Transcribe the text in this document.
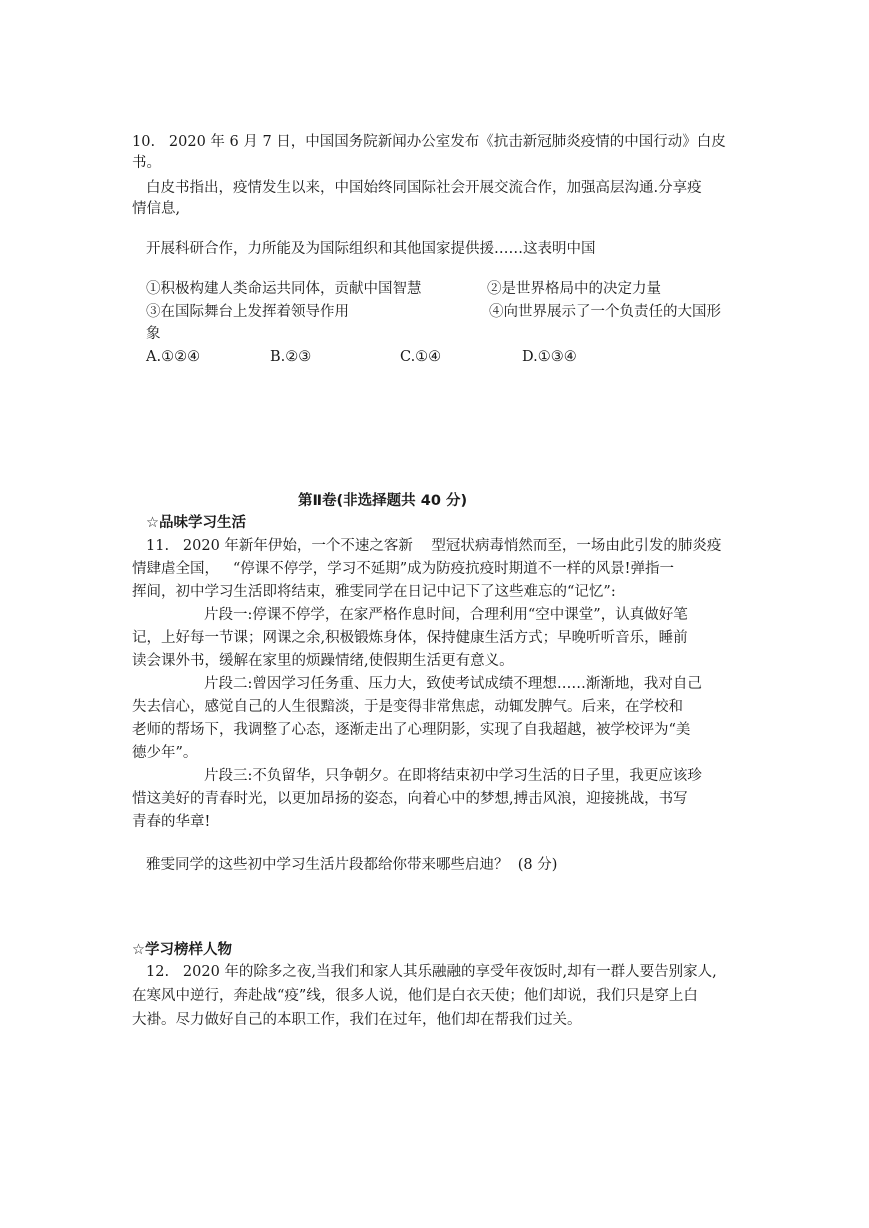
10.   2020 年 6 月 7 日，中国国务院新闻办公室发布《抗击新冠肺炎疫情的中国行动》白皮
书。
白皮书指出，疫情发生以来，中国始终同国际社会开展交流合作，加强高层沟通.分享疫
情信息,
开展科研合作，力所能及为国际组织和其他国家提供援……这表明中国
①积极构建人类命运共同体，贡献中国智慧	②是世界格局中的决定力量
③在国际舞台上发挥着领导作用	④向世界展示了一个负责任的大国形
象
A.①②④	B.②③	C.①④	D.①③④
第Ⅱ卷(非选择题共 40 分)
☆品味学习生活
11.   2020 年新年伊始，一个不速之客新    型冠状病毒悄然而至，一场由此引发的肺炎疫
情肆虐全国，   “停课不停学，学习不延期”成为防疫抗疫时期道不一样的风景!弹指一
挥间，初中学习生活即将结束，雅雯同学在日记中记下了这些难忘的“记忆”:
片段一:停课不停学，在家严格作息时间，合理利用“空中课堂”，认真做好笔
记，上好每一节课；网课之余,积极锻炼身体，保持健康生活方式；早晚听听音乐，睡前
读会课外书，缓解在家里的烦躁情绪,使假期生活更有意义。
片段二:曾因学习任务重、压力大，致使考试成绩不理想……渐渐地，我对自己
失去信心，感觉自己的人生很黯淡，于是变得非常焦虑，动辄发脾气。后来，在学校和
老师的帮场下，我调整了心态，逐渐走出了心理阴影，实现了自我超越，被学校评为“美
德少年”。
片段三:不负留华，只争朝夕。在即将结束初中学习生活的日子里，我更应该珍
惜这美好的青春时光，以更加昂扬的姿态，向着心中的梦想,搏击风浪，迎接挑战，书写
青春的华章!
雅雯同学的这些初中学习生活片段都给你带来哪些启迪？  (8 分)
☆学习榜样人物
12.   2020 年的除多之夜,当我们和家人其乐融融的享受年夜饭时,却有一群人要告别家人,
在寒风中逆行，奔赴战“疫”线，很多人说，他们是白衣天使；他们却说，我们只是穿上白
大褂。尽力做好自己的本职工作，我们在过年，他们却在帮我们过关。
